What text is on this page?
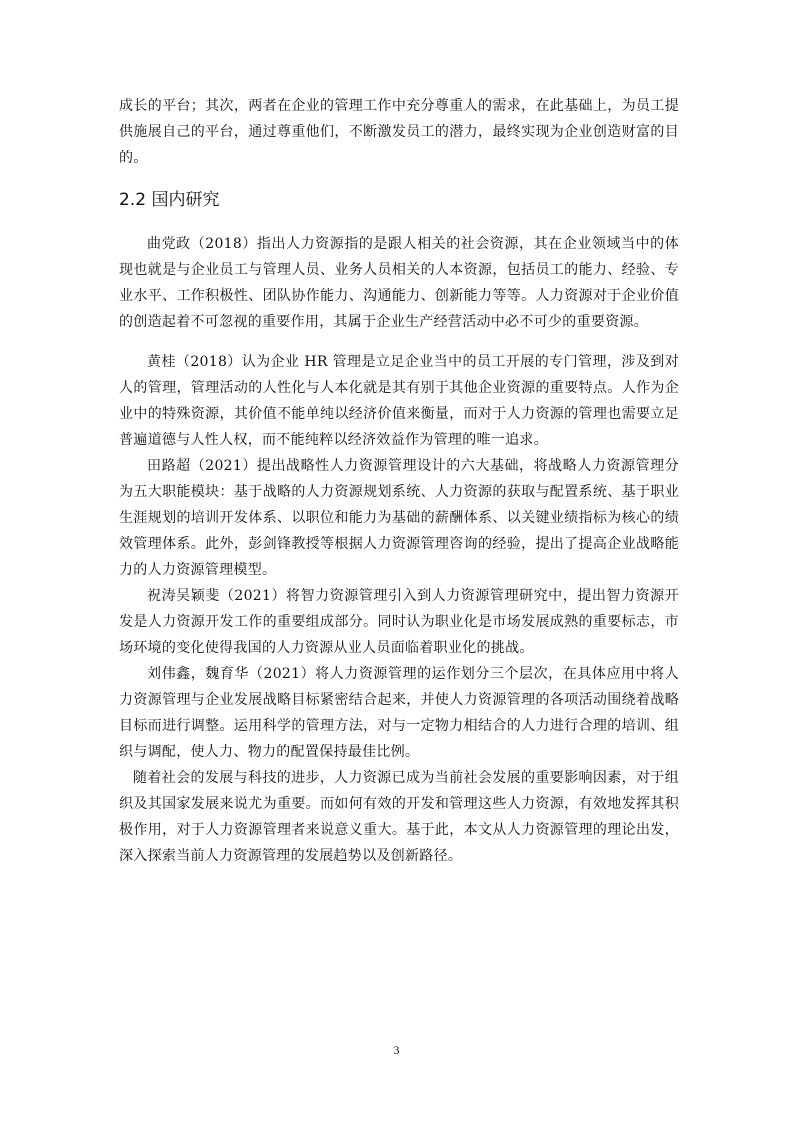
成长的平台；其次，两者在企业的管理工作中充分尊重人的需求，在此基础上，为员工提供施展自己的平台，通过尊重他们，不断激发员工的潜力，最终实现为企业创造财富的目的。

2.2 国内研究

曲党政（2018）指出人力资源指的是跟人相关的社会资源，其在企业领域当中的体现也就是与企业员工与管理人员、业务人员相关的人本资源，包括员工的能力、经验、专业水平、工作积极性、团队协作能力、沟通能力、创新能力等等。人力资源对于企业价值的创造起着不可忽视的重要作用，其属于企业生产经营活动中必不可少的重要资源。

黄桂（2018）认为企业 HR 管理是立足企业当中的员工开展的专门管理，涉及到对人的管理，管理活动的人性化与人本化就是其有别于其他企业资源的重要特点。人作为企业中的特殊资源，其价值不能单纯以经济价值来衡量，而对于人力资源的管理也需要立足普遍道德与人性人权，而不能纯粹以经济效益作为管理的唯一追求。

田路超（2021）提出战略性人力资源管理设计的六大基础，将战略人力资源管理分为五大职能模块：基于战略的人力资源规划系统、人力资源的获取与配置系统、基于职业生涯规划的培训开发体系、以职位和能力为基础的薪酬体系、以关键业绩指标为核心的绩效管理体系。此外，彭剑锋教授等根据人力资源管理咨询的经验，提出了提高企业战略能力的人力资源管理模型。

祝涛吴颖斐（2021）将智力资源管理引入到人力资源管理研究中，提出智力资源开发是人力资源开发工作的重要组成部分。同时认为职业化是市场发展成熟的重要标志，市场环境的变化使得我国的人力资源从业人员面临着职业化的挑战。

刘伟鑫，魏育华（2021）将人力资源管理的运作划分三个层次，在具体应用中将人力资源管理与企业发展战略目标紧密结合起来，并使人力资源管理的各项活动围绕着战略目标而进行调整。运用科学的管理方法，对与一定物力相结合的人力进行合理的培训、组织与调配，使人力、物力的配置保持最佳比例。

随着社会的发展与科技的进步，人力资源已成为当前社会发展的重要影响因素，对于组织及其国家发展来说尤为重要。而如何有效的开发和管理这些人力资源，有效地发挥其积极作用，对于人力资源管理者来说意义重大。基于此，本文从人力资源管理的理论出发，深入探索当前人力资源管理的发展趋势以及创新路径。

3
